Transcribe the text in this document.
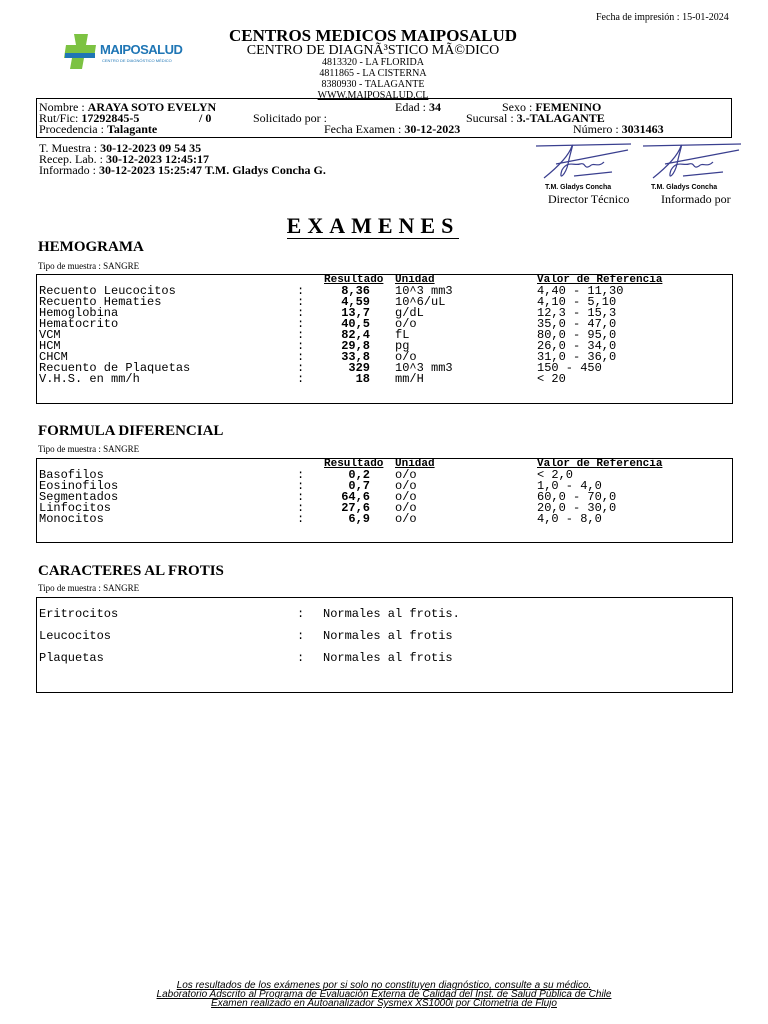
Fecha de impresión : 15-01-2024
MAIPOSALUD
CENTRO DE DIAGNÓSTICO MÉDICO
CENTROS MEDICOS MAIPOSALUD
CENTRO DE DIAGNÃ³STICO MÃ©DICO
4813320 - LA FLORIDA
4811865 - LA CISTERNA
8380930 - TALAGANTE
WWW.MAIPOSALUD.CL
Nombre : ARAYA SOTO EVELYN	Edad : 34	Sexo : FEMENINO
Rut/Fic: 17292845-5	/ 0	Solicitado por :	Sucursal : 3.-TALAGANTE
Procedencia : Talagante	Fecha Examen : 30-12-2023	Número : 3031463
T. Muestra : 30-12-2023 09 54 35
Recep. Lab. : 30-12-2023 12:45:17
Informado : 30-12-2023 15:25:47 T.M. Gladys Concha G.
T.M. Gladys Concha
Director Técnico
T.M. Gladys Concha
Informado por
EXAMENES
HEMOGRAMA
Tipo de muestra : SANGRE
Resultado Unidad	Valor de Referencia
Recuento Leucocitos	:	8,36 10^3 mm3	4,40 - 11,30
Recuento Hematies	:	4,59 10^6/uL	4,10 - 5,10
Hemoglobina	:	13,7 g/dL	12,3 - 15,3
Hematocrito	:	40,5 o/o	35,0 - 47,0
VCM	:	82,4 fL	80,0 - 95,0
HCM	:	29,8 pg	26,0 - 34,0
CHCM	:	33,8 o/o	31,0 - 36,0
Recuento de Plaquetas	:	329 10^3 mm3	150 - 450
V.H.S. en mm/h	:	18 mm/H	< 20
FORMULA DIFERENCIAL
Tipo de muestra : SANGRE
Resultado Unidad	Valor de Referencia
Basofilos	:	0,2 o/o	< 2,0
Eosinofilos	:	0,7 o/o	1,0 - 4,0
Segmentados	:	64,6 o/o	60,0 - 70,0
Linfocitos	:	27,6 o/o	20,0 - 30,0
Monocitos	:	6,9 o/o	4,0 - 8,0
CARACTERES AL FROTIS
Tipo de muestra : SANGRE
Eritrocitos	: Normales al frotis.
Leucocitos	: Normales al frotis
Plaquetas	: Normales al frotis
Los resultados de los exámenes por si solo no constituyen diagnóstico, consulte a su médico.
Laboratorio Adscrito al Programa de Evaluación Externa de Calidad del Inst. de Salud Pública de Chile
Examen realizado en Autoanalizador Sysmex XS1000i por Citometria de Flujo
